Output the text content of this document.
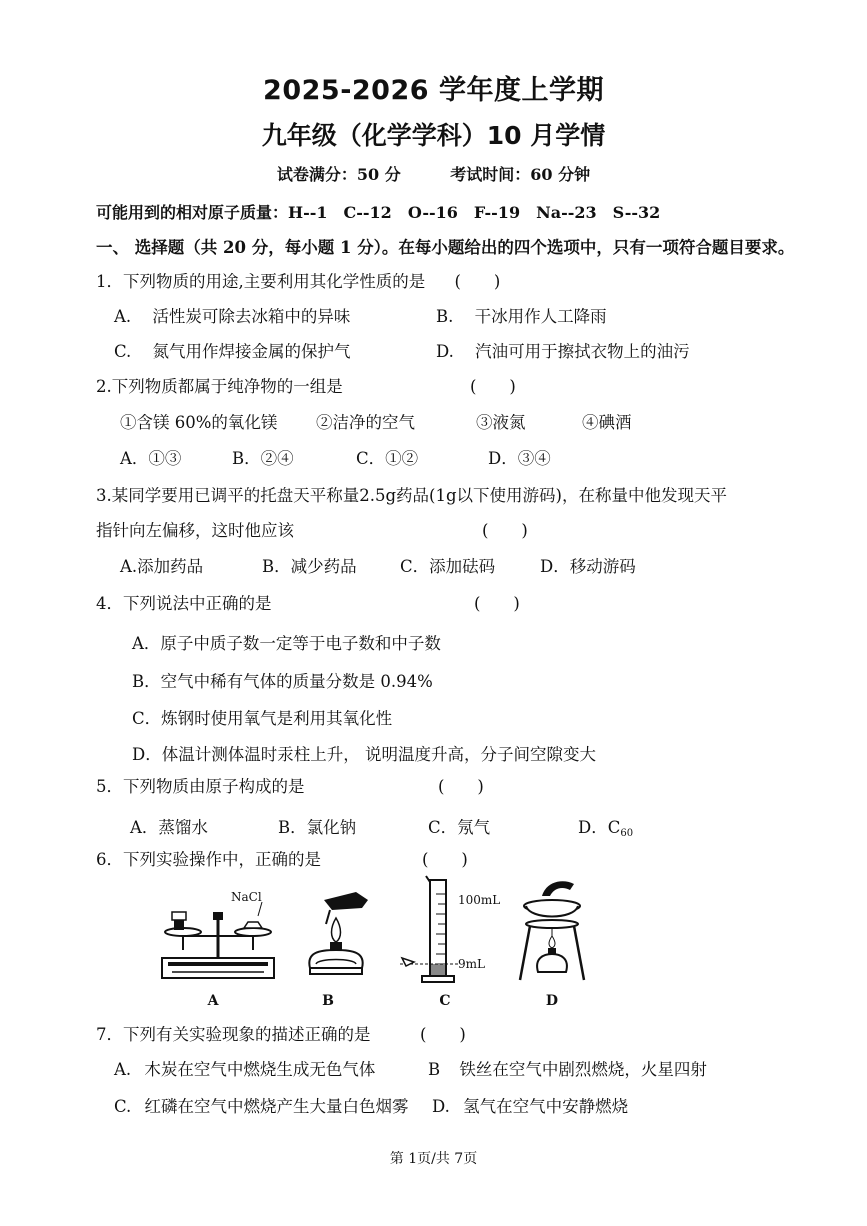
2025-2026 学年度上学期
九年级（化学学科）10 月学情
试卷满分：50 分	考试时间：60 分钟
可能用到的相对原子质量：H--1　C--12　O--16　F--19　Na--23　S--32
一、 选择题（共 20 分，每小题 1 分）。在每小题给出的四个选项中，只有一项符合题目要求。
1．下列物质的用途,主要利用其化学性质的是 (　　)
A. 活性炭可除去冰箱中的异味	B. 干冰用作人工降雨
C. 氮气用作焊接金属的保护气	D. 汽油可用于擦拭衣物上的油污
2.下列物质都属于纯净物的一组是	(　　)
①含镁 60%的氧化镁 ②洁净的空气	③液氮	④碘酒
A．①③	B．②④	C．①②	D．③④
3.某同学要用已调平的托盘天平称量2.5g药品(1g以下使用游码)，在称量中他发现天平
指针向左偏移，这时他应该	(　　)
A.添加药品	B．减少药品	C．添加砝码	D．移动游码
4．下列说法中正确的是	(　　)
A．原子中质子数一定等于电子数和中子数
B．空气中稀有气体的质量分数是 0.94%
C．炼钢时使用氧气是利用其氧化性
D．体温计测体温时汞柱上升， 说明温度升高，分子间空隙变大
5．下列物质由原子构成的是	(　　)
A．蒸馏水	B．氯化钠	C．氖气	D．$C_{60}$
6．下列实验操作中，正确的是	(　　)
NaCl
A	B
100mL
9mL
C	D
7．下列有关实验现象的描述正确的是	(　　)
A. 木炭在空气中燃烧生成无色气体	B 铁丝在空气中剧烈燃烧，火星四射
C. 红磷在空气中燃烧产生大量白色烟雾 D. 氢气在空气中安静燃烧
第 1页/共 7页
